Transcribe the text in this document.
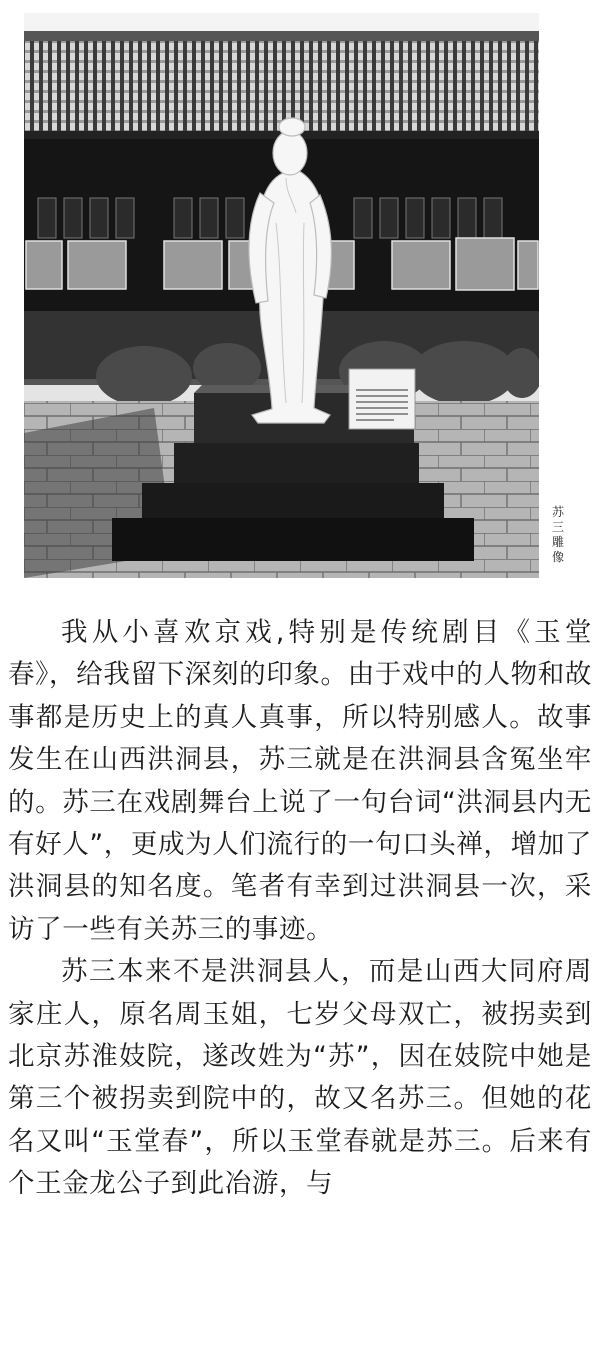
苏
三
雕
像

我从小喜欢京戏,特别是传统剧目《玉堂春》，给我留下深刻的印象。由于戏中的人物和故事都是历史上的真人真事，所以特别感人。故事发生在山西洪洞县，苏三就是在洪洞县含冤坐牢的。苏三在戏剧舞台上说了一句台词“洪洞县内无有好人”，更成为人们流行的一句口头禅，增加了洪洞县的知名度。笔者有幸到过洪洞县一次，采访了一些有关苏三的事迹。

苏三本来不是洪洞县人，而是山西大同府周家庄人，原名周玉姐，七岁父母双亡，被拐卖到北京苏淮妓院，遂改姓为“苏”，因在妓院中她是第三个被拐卖到院中的，故又名苏三。但她的花名又叫“玉堂春”，所以玉堂春就是苏三。后来有个王金龙公子到此冶游，与
